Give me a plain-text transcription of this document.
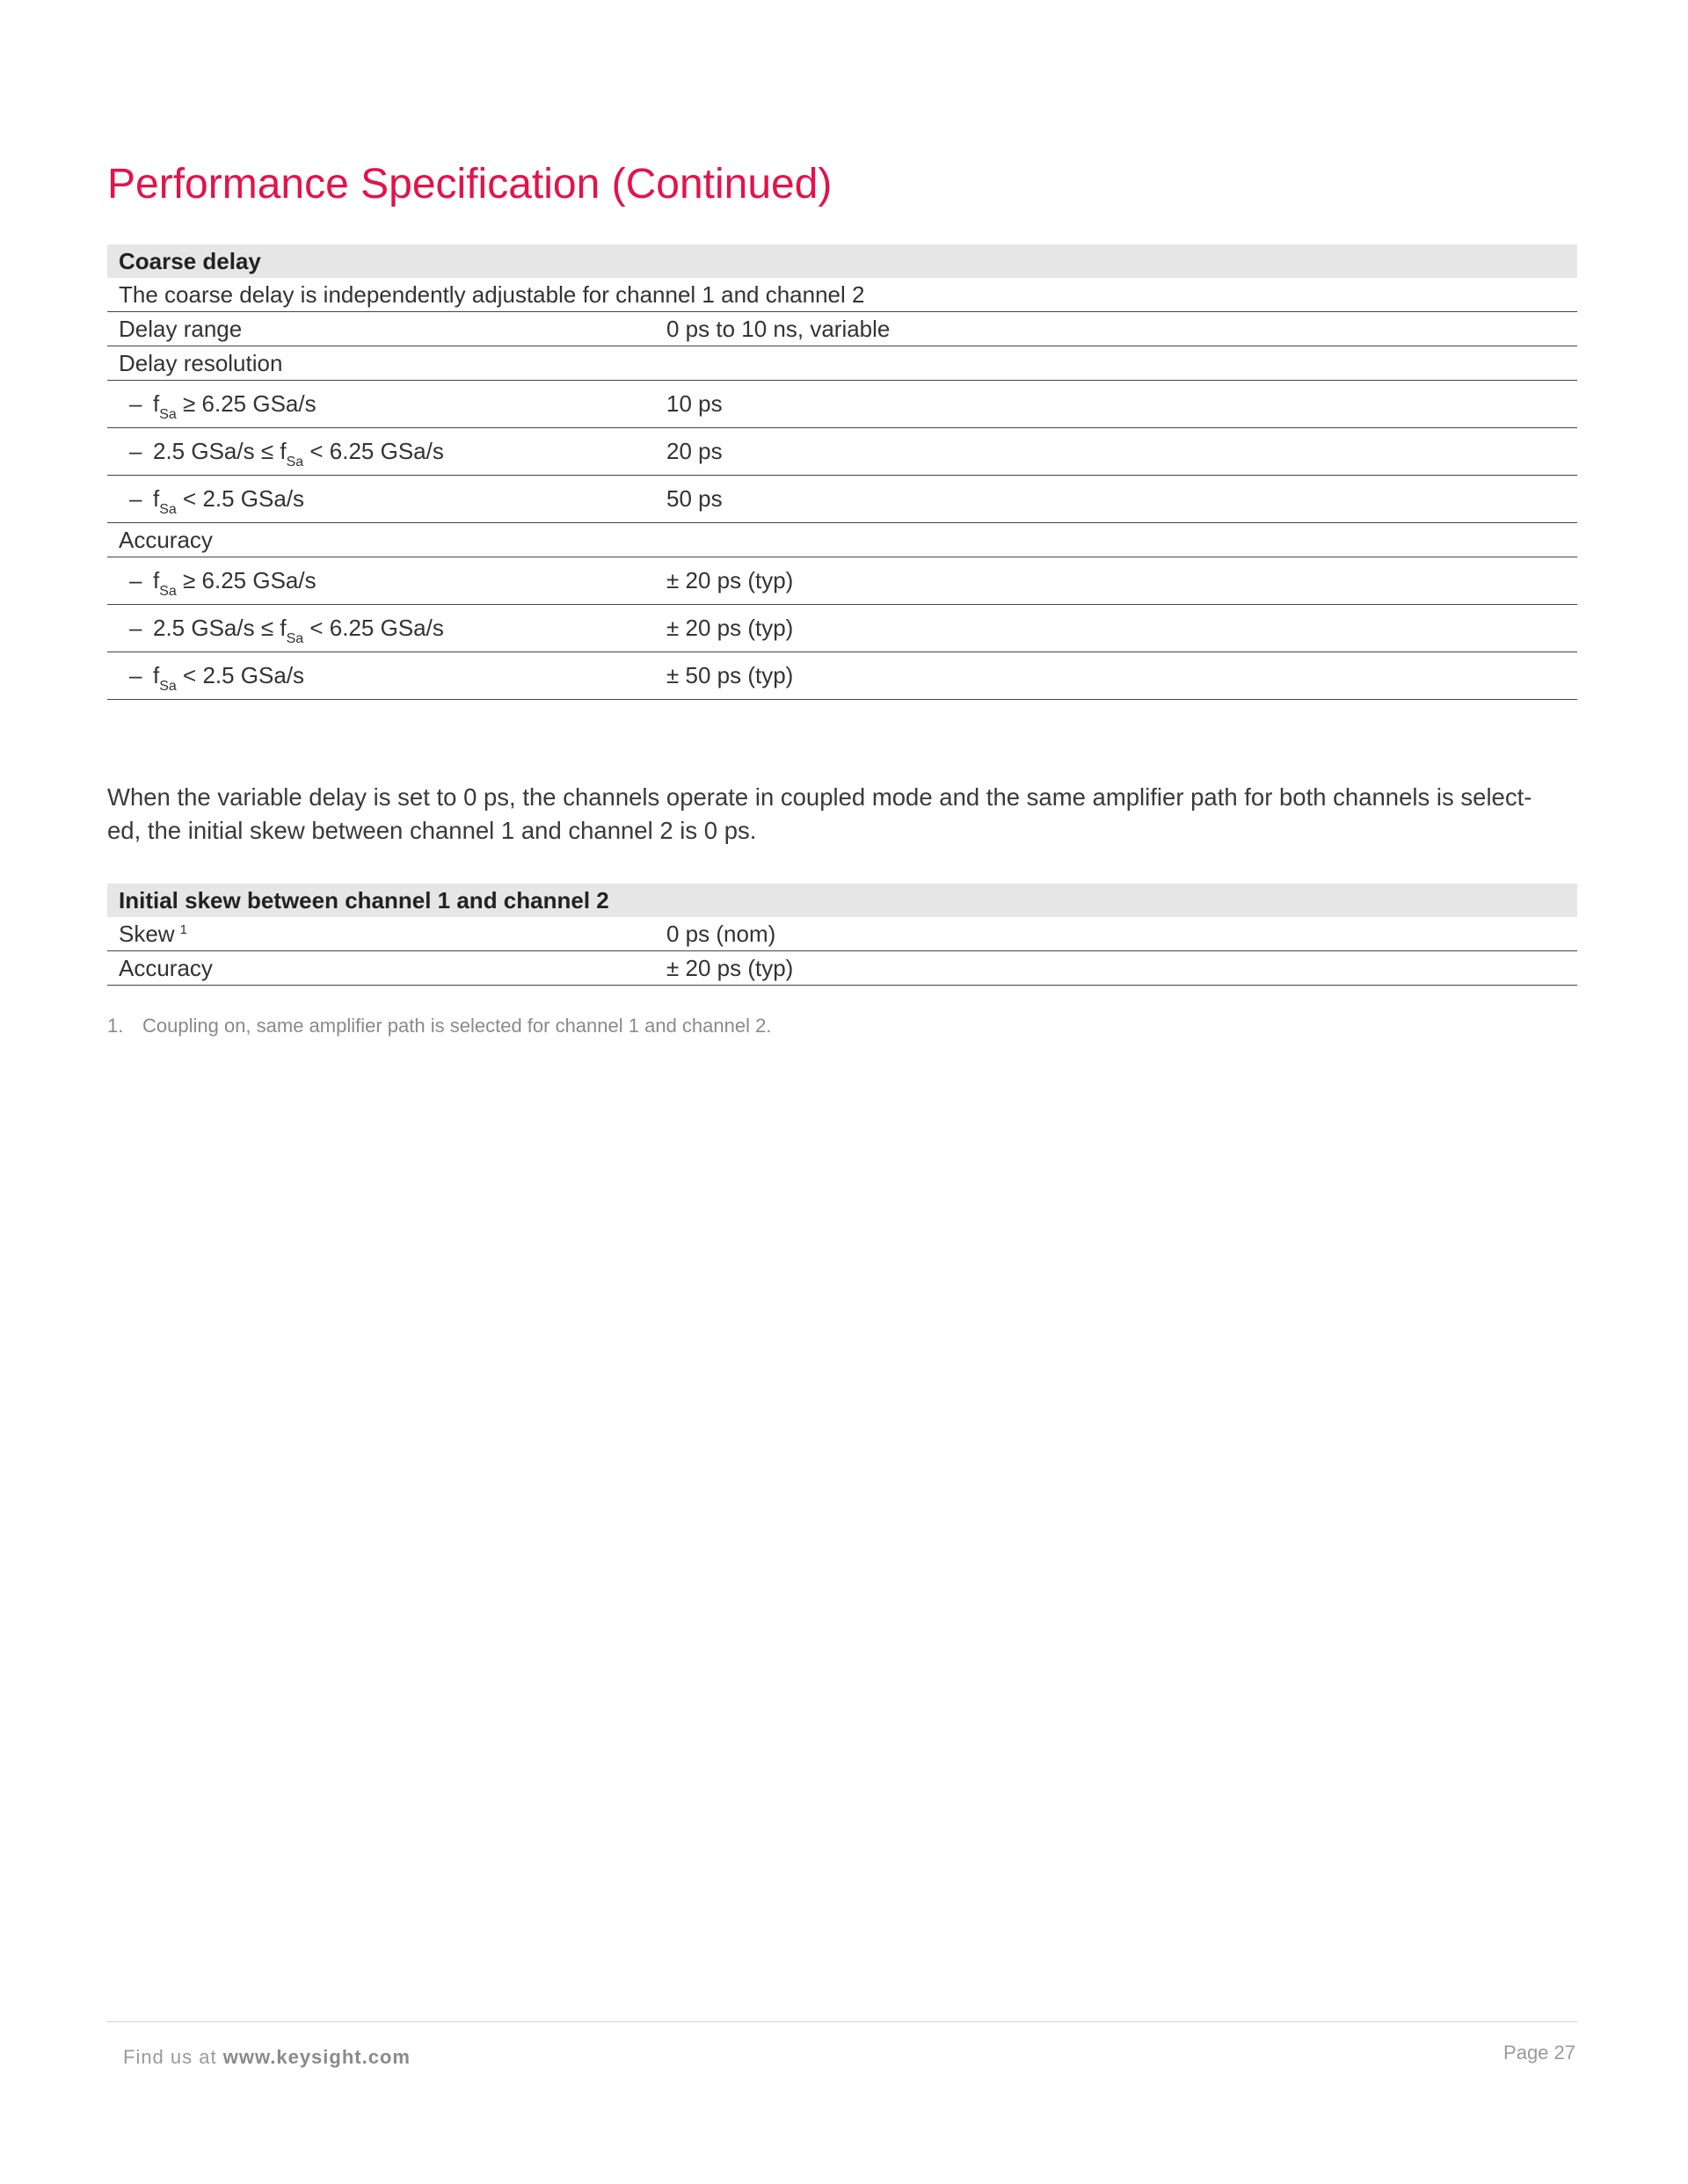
Performance Specification (Continued)
Coarse delay	
The coarse delay is independently adjustable for channel 1 and channel 2	
Delay range	0 ps to 10 ns, variable
Delay resolution	
– $f_{Sa} \ge 6.25$ GSa/s	10 ps
– 2.5 $GSa/s \le f_{Sa} < 6.25$ GSa/s	20 ps
– $f_{Sa} < 2.5$ GSa/s	50 ps
Accuracy	
– $f_{Sa} \ge 6.25$ GSa/s	± 20 ps (typ)
– 2.5 $GSa/s \le f_{Sa} < 6.25$ GSa/s	± 20 ps (typ)
– $f_{Sa} < 2.5$ GSa/s	± 50 ps (typ)

When the variable delay is set to 0 ps, the channels operate in coupled mode and the same amplifier path for both channels is select-
ed, the initial skew between channel 1 and channel 2 is 0 ps.

Initial skew between channel 1 and channel 2	
Skew $^1$	0 ps (nom)
Accuracy	± 20 ps (typ)

1. Coupling on, same amplifier path is selected for channel 1 and channel 2.

Find us at www.keysight.com	Page 27
